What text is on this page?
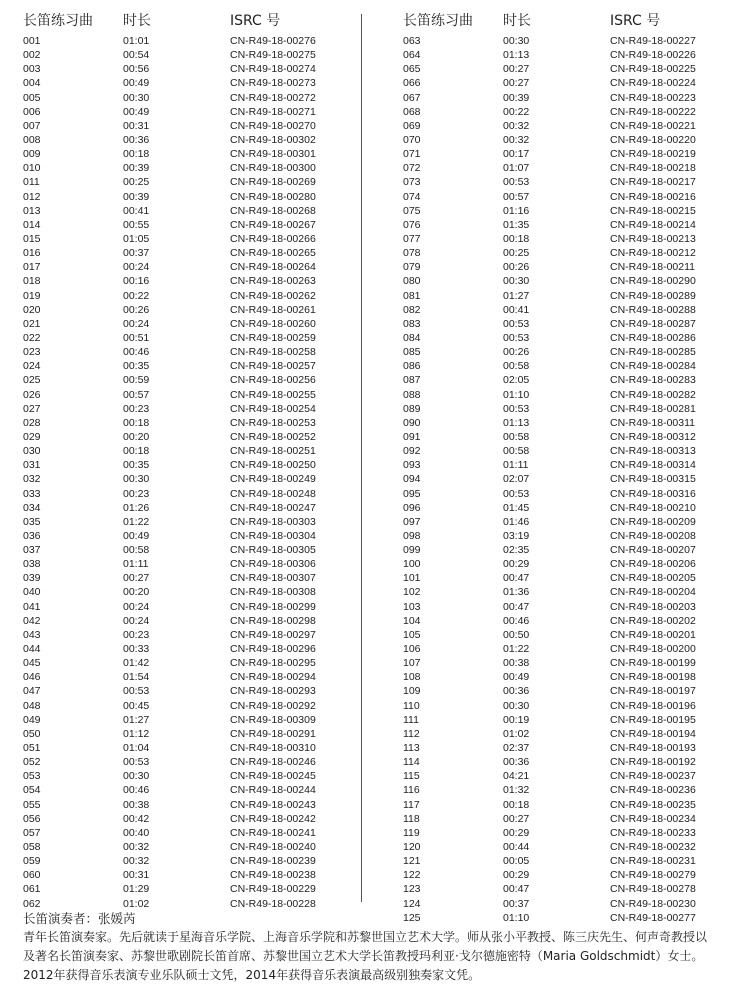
长笛练习曲 时长	ISRC 号
001	01:01	CN-R49-18-00276
002	00:54	CN-R49-18-00275
003	00:56	CN-R49-18-00274
004	00:49	CN-R49-18-00273
005	00:30	CN-R49-18-00272
006	00:49	CN-R49-18-00271
007	00:31	CN-R49-18-00270
008	00:36	CN-R49-18-00302
009	00:18	CN-R49-18-00301
010	00:39	CN-R49-18-00300
011	00:25	CN-R49-18-00269
012	00:39	CN-R49-18-00280
013	00:41	CN-R49-18-00268
014	00:55	CN-R49-18-00267
015	01:05	CN-R49-18-00266
016	00:37	CN-R49-18-00265
017	00:24	CN-R49-18-00264
018	00:16	CN-R49-18-00263
019	00:22	CN-R49-18-00262
020	00:26	CN-R49-18-00261
021	00:24	CN-R49-18-00260
022	00:51	CN-R49-18-00259
023	00:46	CN-R49-18-00258
024	00:35	CN-R49-18-00257
025	00:59	CN-R49-18-00256
026	00:57	CN-R49-18-00255
027	00:23	CN-R49-18-00254
028	00:18	CN-R49-18-00253
029	00:20	CN-R49-18-00252
030	00:18	CN-R49-18-00251
031	00:35	CN-R49-18-00250
032	00:30	CN-R49-18-00249
033	00:23	CN-R49-18-00248
034	01:26	CN-R49-18-00247
035	01:22	CN-R49-18-00303
036	00:49	CN-R49-18-00304
037	00:58	CN-R49-18-00305
038	01:11	CN-R49-18-00306
039	00:27	CN-R49-18-00307
040	00:20	CN-R49-18-00308
041	00:24	CN-R49-18-00299
042	00:24	CN-R49-18-00298
043	00:23	CN-R49-18-00297
044	00:33	CN-R49-18-00296
045	01:42	CN-R49-18-00295
046	01:54	CN-R49-18-00294
047	00:53	CN-R49-18-00293
048	00:45	CN-R49-18-00292
049	01:27	CN-R49-18-00309
050	01:12	CN-R49-18-00291
051	01:04	CN-R49-18-00310
052	00:53	CN-R49-18-00246
053	00:30	CN-R49-18-00245
054	00:46	CN-R49-18-00244
055	00:38	CN-R49-18-00243
056	00:42	CN-R49-18-00242
057	00:40	CN-R49-18-00241
058	00:32	CN-R49-18-00240
059	00:32	CN-R49-18-00239
060	00:31	CN-R49-18-00238
061	01:29	CN-R49-18-00229
062	01:02	CN-R49-18-00228
长笛练习曲 时长	ISRC 号
063	00:30	CN-R49-18-00227
064	01:13	CN-R49-18-00226
065	00:27	CN-R49-18-00225
066	00:27	CN-R49-18-00224
067	00:39	CN-R49-18-00223
068	00:22	CN-R49-18-00222
069	00:32	CN-R49-18-00221
070	00:32	CN-R49-18-00220
071	00:17	CN-R49-18-00219
072	01:07	CN-R49-18-00218
073	00:53	CN-R49-18-00217
074	00:57	CN-R49-18-00216
075	01:16	CN-R49-18-00215
076	01:35	CN-R49-18-00214
077	00:18	CN-R49-18-00213
078	00:25	CN-R49-18-00212
079	00:26	CN-R49-18-00211
080	00:30	CN-R49-18-00290
081	01:27	CN-R49-18-00289
082	00:41	CN-R49-18-00288
083	00:53	CN-R49-18-00287
084	00:53	CN-R49-18-00286
085	00:26	CN-R49-18-00285
086	00:58	CN-R49-18-00284
087	02:05	CN-R49-18-00283
088	01:10	CN-R49-18-00282
089	00:53	CN-R49-18-00281
090	01:13	CN-R49-18-00311
091	00:58	CN-R49-18-00312
092	00:58	CN-R49-18-00313
093	01:11	CN-R49-18-00314
094	02:07	CN-R49-18-00315
095	00:53	CN-R49-18-00316
096	01:45	CN-R49-18-00210
097	01:46	CN-R49-18-00209
098	03:19	CN-R49-18-00208
099	02:35	CN-R49-18-00207
100	00:29	CN-R49-18-00206
101	00:47	CN-R49-18-00205
102	01:36	CN-R49-18-00204
103	00:47	CN-R49-18-00203
104	00:46	CN-R49-18-00202
105	00:50	CN-R49-18-00201
106	01:22	CN-R49-18-00200
107	00:38	CN-R49-18-00199
108	00:49	CN-R49-18-00198
109	00:36	CN-R49-18-00197
110	00:30	CN-R49-18-00196
111	00:19	CN-R49-18-00195
112	01:02	CN-R49-18-00194
113	02:37	CN-R49-18-00193
114	00:36	CN-R49-18-00192
115	04:21	CN-R49-18-00237
116	01:32	CN-R49-18-00236
117	00:18	CN-R49-18-00235
118	00:27	CN-R49-18-00234
119	00:29	CN-R49-18-00233
120	00:44	CN-R49-18-00232
121	00:05	CN-R49-18-00231
122	00:29	CN-R49-18-00279
123	00:47	CN-R49-18-00278
124	00:37	CN-R49-18-00230
125	01:10	CN-R49-18-00277
长笛演奏者：张媛芮

青年长笛演奏家。先后就读于星海音乐学院、上海音乐学院和苏黎世国立艺术大学。师从张小平教授、陈三庆先生、何声奇教授以及著名长笛演奏家、苏黎世歌剧院长笛首席、苏黎世国立艺术大学长笛教授玛利亚·戈尔德施密特（Maria Goldschmidt）女士。2012年获得音乐表演专业乐队硕士文凭，2014年获得音乐表演最高级别独奏家文凭。
